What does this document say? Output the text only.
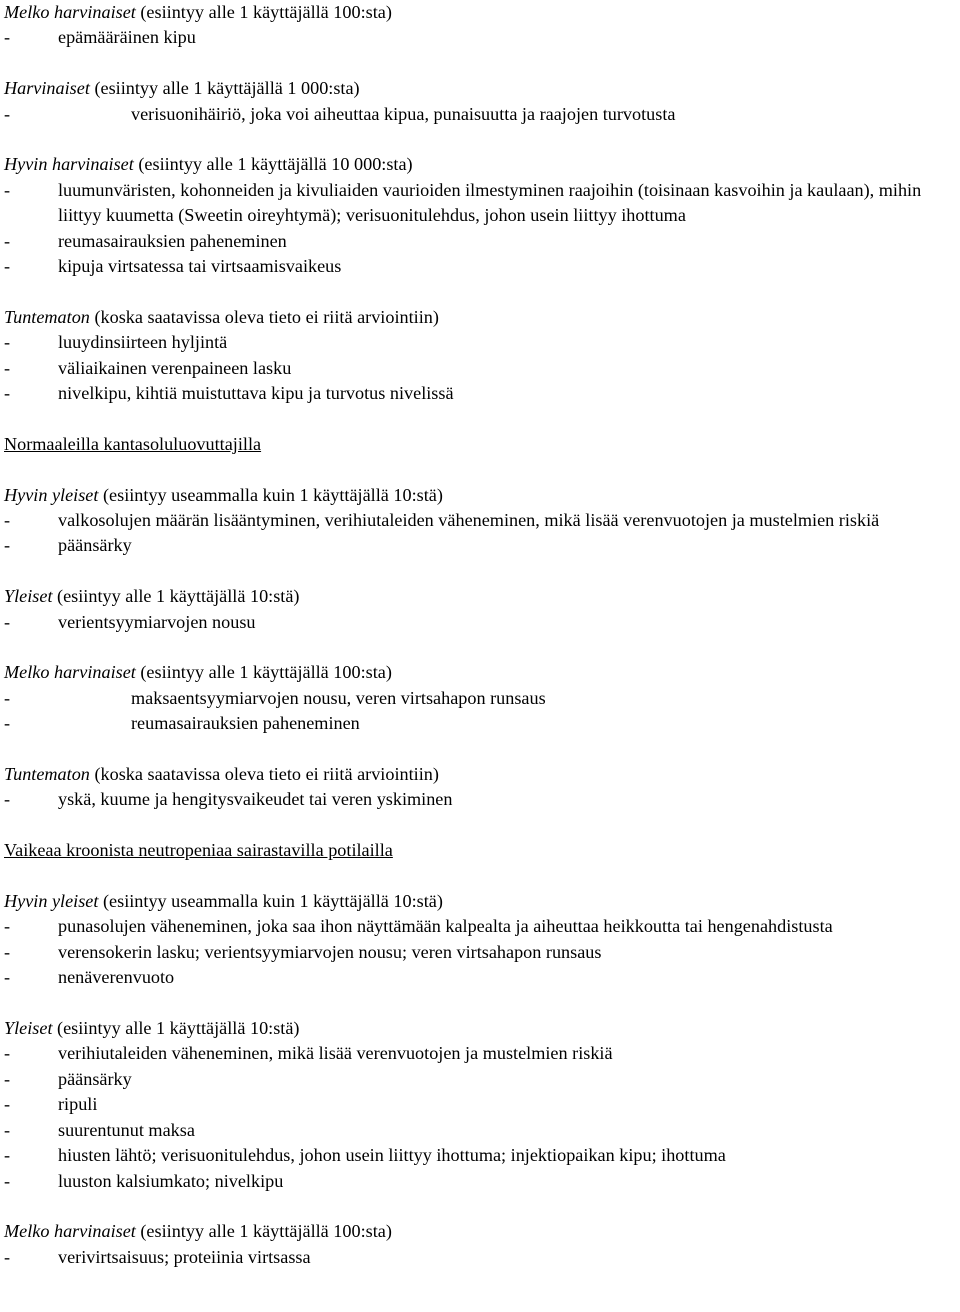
Melko harvinaiset (esiintyy alle 1 käyttäjällä 100:sta)
-	epämääräinen kipu
Harvinaiset (esiintyy alle 1 käyttäjällä 1 000:sta)
-	verisuonihäiriö, joka voi aiheuttaa kipua, punaisuutta ja raajojen turvotusta
Hyvin harvinaiset (esiintyy alle 1 käyttäjällä 10 000:sta)
-	luumunväristen, kohonneiden ja kivuliaiden vaurioiden ilmestyminen raajoihin (toisinaan kasvoihin ja kaulaan), mihin liittyy kuumetta (Sweetin oireyhtymä); verisuonitulehdus, johon usein liittyy ihottuma
-	reumasairauksien paheneminen
-	kipuja virtsatessa tai virtsaamisvaikeus
Tuntematon (koska saatavissa oleva tieto ei riitä arviointiin)
-	luuydinsiirteen hyljintä
-	väliaikainen verenpaineen lasku
-	nivelkipu, kihtiä muistuttava kipu ja turvotus nivelissä
Normaaleilla kantasoluluovuttajilla
Hyvin yleiset (esiintyy useammalla kuin 1 käyttäjällä 10:stä)
-	valkosolujen määrän lisääntyminen, verihiutaleiden väheneminen, mikä lisää verenvuotojen ja mustelmien riskiä
-	päänsärky
Yleiset (esiintyy alle 1 käyttäjällä 10:stä)
-	verientsyymiarvojen nousu
Melko harvinaiset (esiintyy alle 1 käyttäjällä 100:sta)
-	maksaentsyymiarvojen nousu, veren virtsahapon runsaus
-	reumasairauksien paheneminen
Tuntematon (koska saatavissa oleva tieto ei riitä arviointiin)
-	yskä, kuume ja hengitysvaikeudet tai veren yskiminen
Vaikeaa kroonista neutropeniaa sairastavilla potilailla
Hyvin yleiset (esiintyy useammalla kuin 1 käyttäjällä 10:stä)
-	punasolujen väheneminen, joka saa ihon näyttämään kalpealta ja aiheuttaa heikkoutta tai hengenahdistusta
-	verensokerin lasku; verientsyymiarvojen nousu; veren virtsahapon runsaus
-	nenäverenvuoto
Yleiset (esiintyy alle 1 käyttäjällä 10:stä)
-	verihiutaleiden väheneminen, mikä lisää verenvuotojen ja mustelmien riskiä
-	päänsärky
-	ripuli
-	suurentunut maksa
-	hiusten lähtö; verisuonitulehdus, johon usein liittyy ihottuma; injektiopaikan kipu; ihottuma
-	luuston kalsiumkato; nivelkipu
Melko harvinaiset (esiintyy alle 1 käyttäjällä 100:sta)
-	verivirtsaisuus; proteiinia virtsassa
